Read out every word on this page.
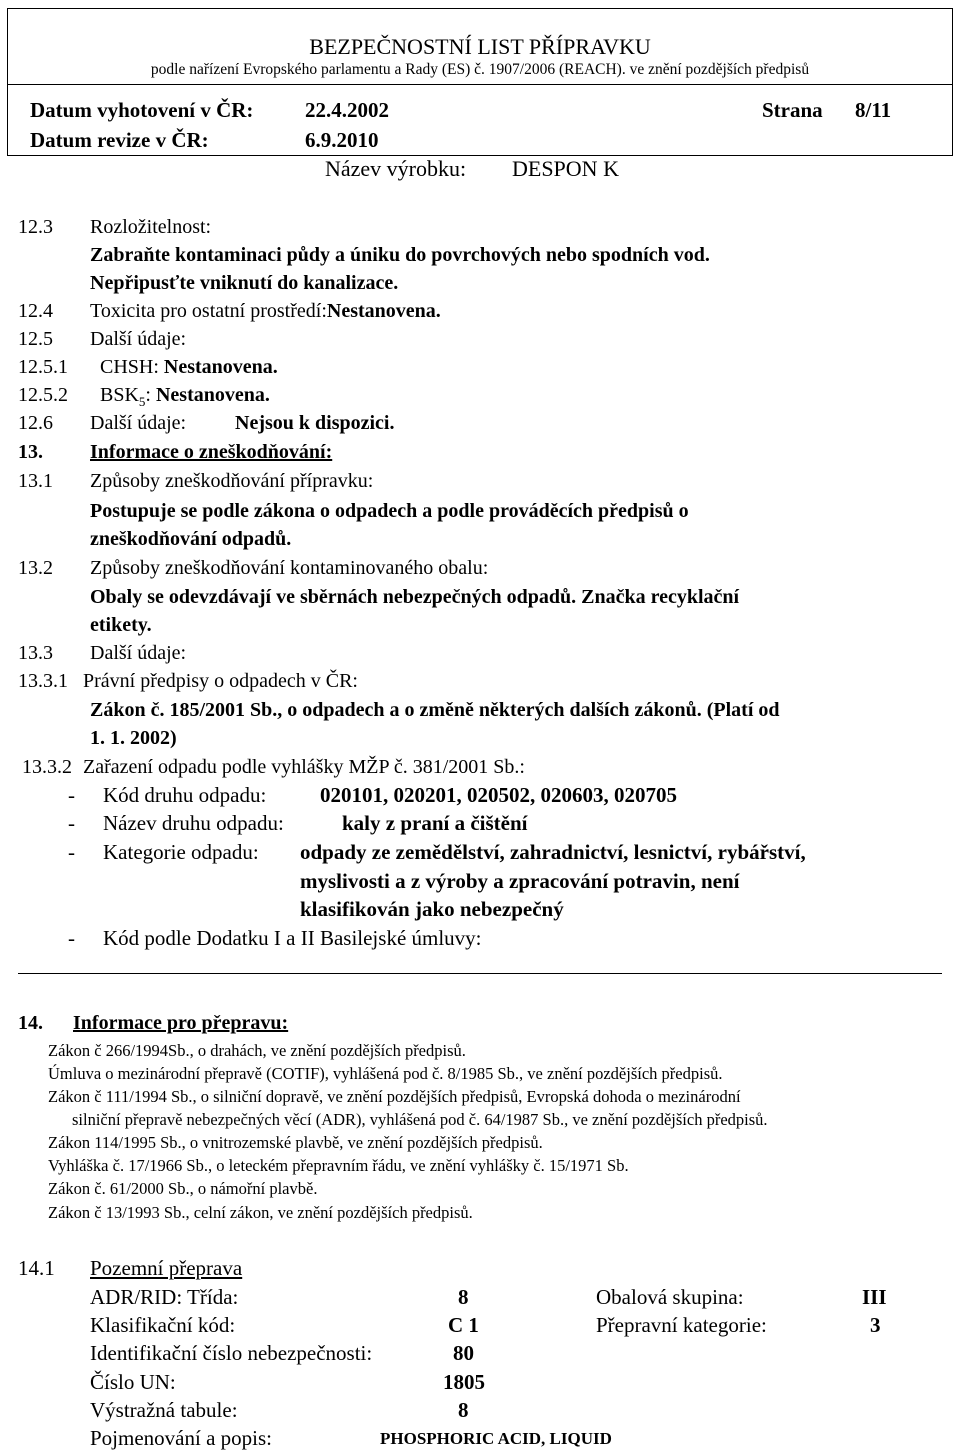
BEZPEČNOSTNÍ LIST PŘÍPRAVKU
podle nařízení Evropského parlamentu a Rady (ES) č. 1907/2006 (REACH). ve znění pozdějších předpisů
Datum vyhotovení v ČR: 22.4.2002
Datum revize v ČR:	6.9.2010
Strana 8/11
Název výrobku: DESPON K
12.3 Rozložitelnost:
Zabraňte kontaminaci půdy a úniku do povrchových nebo spodních vod.
Nepřipusťte vniknutí do kanalizace.
12.4 Toxicita pro ostatní prostředí:Nestanovena.
12.5 Další údaje:
12.5.1 CHSH: Nestanovena.
12.5.2 $BSK_5$: Nestanovena.
12.6 Další údaje: Nejsou k dispozici.
13. Informace o zneškodňování:
13.1 Způsoby zneškodňování přípravku:
Postupuje se podle zákona o odpadech a podle prováděcích předpisů o
zneškodňování odpadů.
13.2 Způsoby zneškodňování kontaminovaného obalu:
Obaly se odevzdávají ve sběrnách nebezpečných odpadů. Značka recyklační
etikety.
13.3 Další údaje:
13.3.1 Právní předpisy o odpadech v ČR:
Zákon č. 185/2001 Sb., o odpadech a o změně některých dalších zákonů. (Platí od
1. 1. 2002)
13.3.2 Zařazení odpadu podle vyhlášky MŽP č. 381/2001 Sb.:
- Kód druhu odpadu:	020101, 020201, 020502, 020603, 020705
- Název druhu odpadu:	kaly z praní a čištění
- Kategorie odpadu: odpady ze zemědělství, zahradnictví, lesnictví, rybářství,
myslivosti a z výroby a zpracování potravin, není
klasifikován jako nebezpečný
- Kód podle Dodatku I a II Basilejské úmluvy:
14. Informace pro přepravu:
Zákon č 266/1994Sb., o drahách, ve znění pozdějších předpisů.
Úmluva o mezinárodní přepravě (COTIF), vyhlášená pod č. 8/1985 Sb., ve znění pozdějších předpisů.
Zákon č 111/1994 Sb., o silniční dopravě, ve znění pozdějších předpisů, Evropská dohoda o mezinárodní
silniční přepravě nebezpečných věcí (ADR), vyhlášená pod č. 64/1987 Sb., ve znění pozdějších předpisů.
Zákon 114/1995 Sb., o vnitrozemské plavbě, ve znění pozdějších předpisů.
Vyhláška č. 17/1966 Sb., o leteckém přepravním řádu, ve znění vyhlášky č. 15/1971 Sb.
Zákon č. 61/2000 Sb., o námořní plavbě.
Zákon č 13/1993 Sb., celní zákon, ve znění pozdějších předpisů.
14.1 Pozemní přeprava
ADR/RID: Třída:	8	Obalová skupina:	III
Klasifikační kód:	C 1	Přepravní kategorie:	3
Identifikační číslo nebezpečnosti:	80
Číslo UN:	1805
Výstražná tabule:	8
Pojmenování a popis:	PHOSPHORIC ACID, LIQUID
